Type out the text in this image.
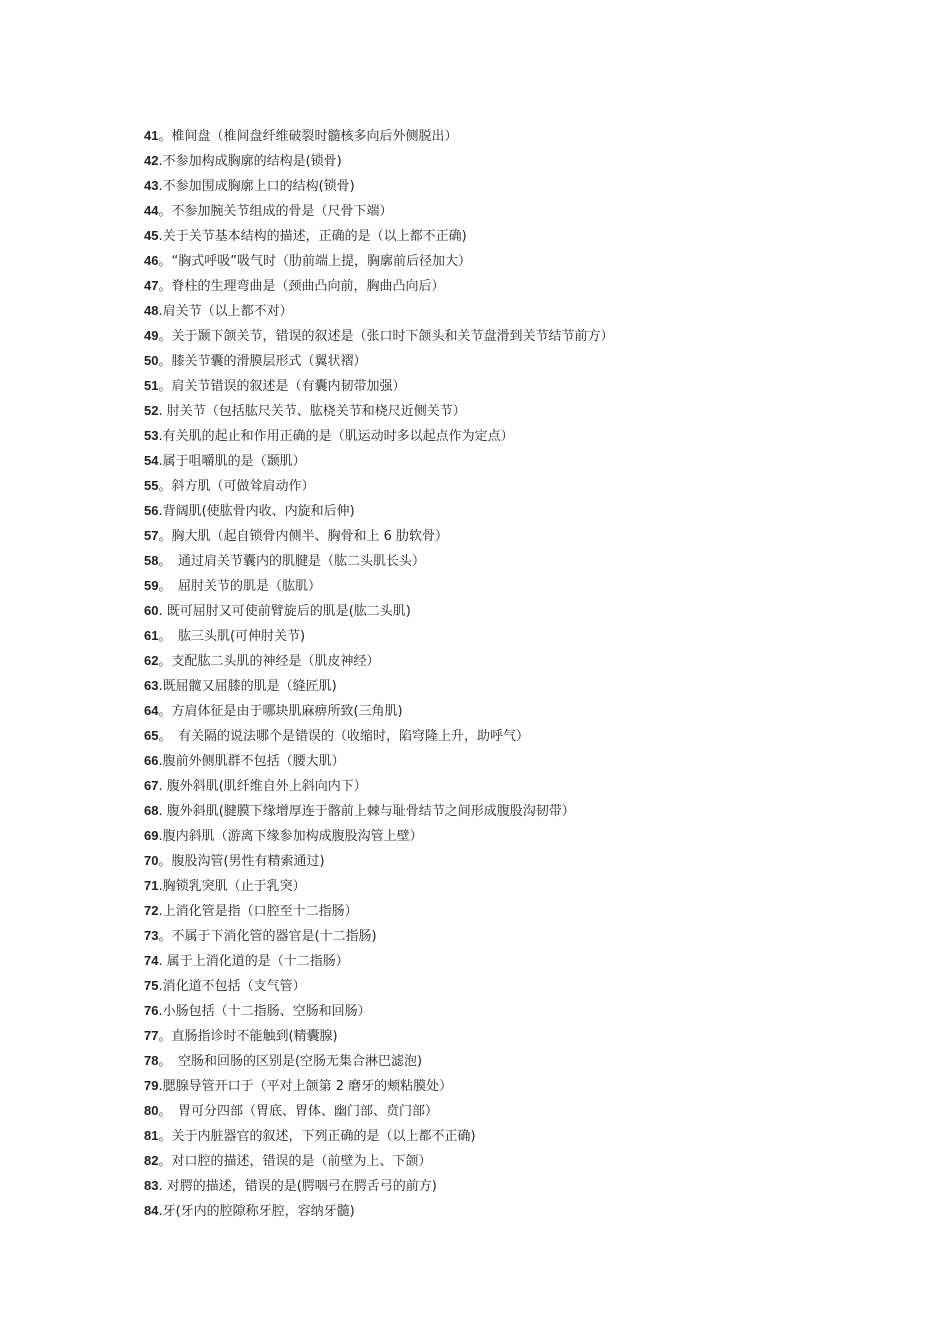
41。椎间盘（椎间盘纤维破裂时髓核多向后外侧脱出）
42.不参加构成胸廓的结构是(锁骨)
43.不参加围成胸廓上口的结构(锁骨)
44。不参加腕关节组成的骨是（尺骨下端）
45.关于关节基本结构的描述，正确的是（以上都不正确)
46。“胸式呼吸”吸气时（肋前端上提，胸廓前后径加大）
47。脊柱的生理弯曲是（颈曲凸向前，胸曲凸向后）
48.肩关节（以上都不对）
49。关于颞下颌关节，错误的叙述是（张口时下颌头和关节盘滑到关节结节前方）
50。膝关节囊的滑膜层形式（翼状褶）
51。肩关节错误的叙述是（有囊内韧带加强）
52. 肘关节（包括肱尺关节、肱桡关节和桡尺近侧关节）
53.有关肌的起止和作用正确的是（肌运动时多以起点作为定点）
54.属于咀嚼肌的是（颞肌）
55。斜方肌（可做耸肩动作）
56.背阔肌(使肱骨内收、内旋和后伸)
57。胸大肌（起自锁骨内侧半、胸骨和上 6 肋软骨）
58。　通过肩关节囊内的肌腱是（肱二头肌长头）
59。　屈肘关节的肌是（肱肌）
60. 既可屈肘又可使前臂旋后的肌是(肱二头肌)
61。　肱三头肌(可伸肘关节)
62。支配肱二头肌的神经是（肌皮神经）
63.既屈髋又屈膝的肌是（缝匠肌)
64。方肩体征是由于哪块肌麻痹所致(三角肌)
65。　有关隔的说法哪个是错误的（收缩时，陷穹隆上升，助呼气）
66.腹前外侧肌群不包括（腰大肌）
67. 腹外斜肌(肌纤维自外上斜向内下）
68. 腹外斜肌(腱膜下缘增厚连于髂前上棘与耻骨结节之间形成腹股沟韧带）
69.腹内斜肌（游离下缘参加构成腹股沟管上壁）
70。腹股沟管(男性有精索通过)
71.胸锁乳突肌（止于乳突）
72.上消化管是指（口腔至十二指肠）
73。不属于下消化管的器官是(十二指肠)
74. 属于上消化道的是（十二指肠）
75.消化道不包括（支气管）
76.小肠包括（十二指肠、空肠和回肠）
77。直肠指诊时不能触到(精囊腺)
78。　空肠和回肠的区别是(空肠无集合淋巴滤泡)
79.腮腺导管开口于（平对上颌第 2 磨牙的颊粘膜处）
80。　胃可分四部（胃底、胃体、幽门部、贲门部）
81。关于内脏器官的叙述，下列正确的是（以上都不正确)
82。对口腔的描述，错误的是（前壁为上、下颌）
83. 对腭的描述，错误的是(腭咽弓在腭舌弓的前方)
84.牙(牙内的腔隙称牙腔，容纳牙髓)
